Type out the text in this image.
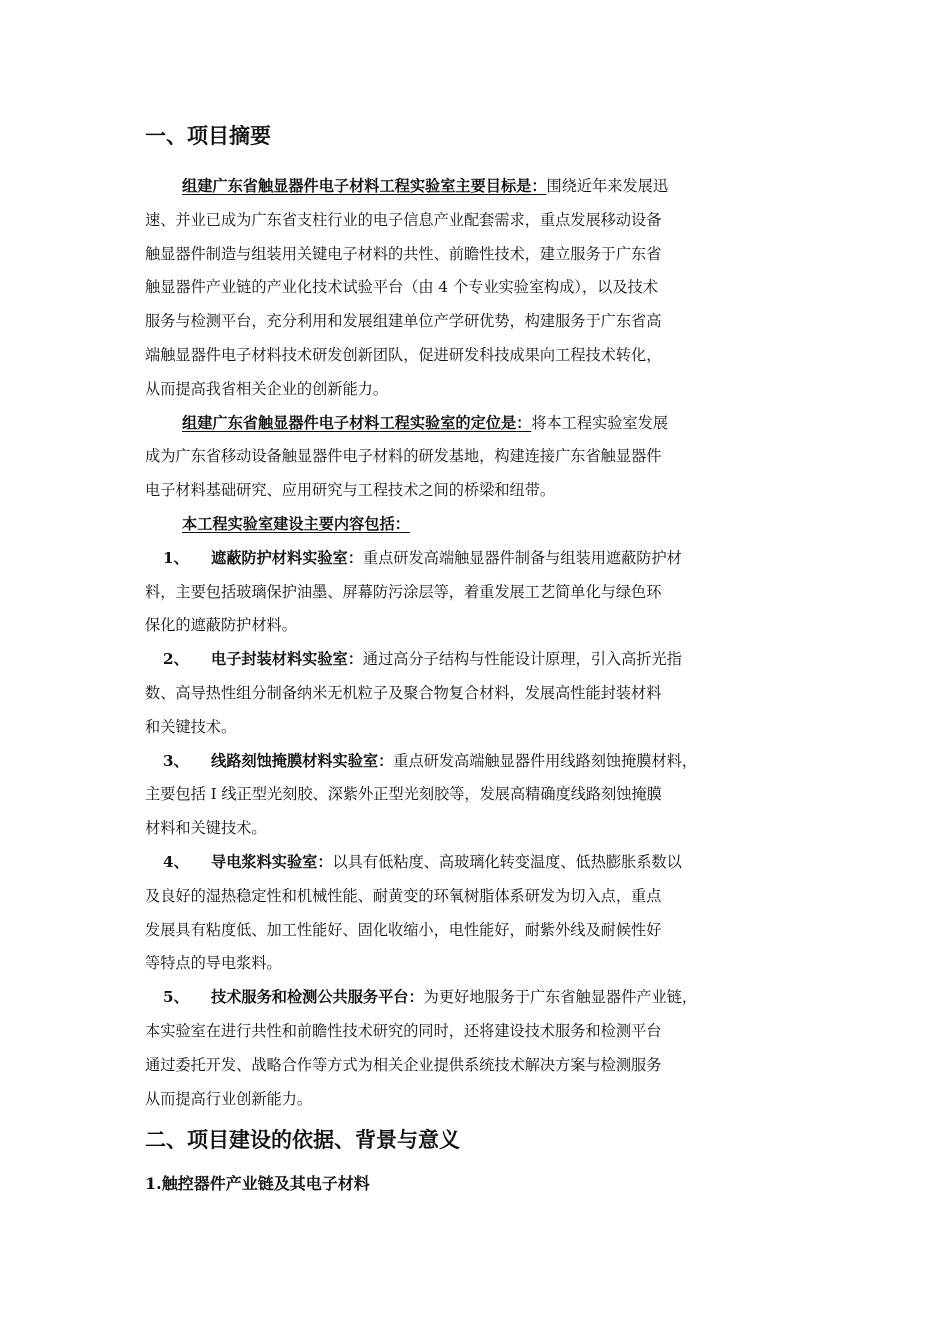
一、项目摘要

组建广东省触显器件电子材料工程实验室主要目标是：围绕近年来发展迅

速、并业已成为广东省支柱行业的电子信息产业配套需求，重点发展移动设备

触显器件制造与组装用关键电子材料的共性、前瞻性技术，建立服务于广东省

触显器件产业链的产业化技术试验平台（由 4 个专业实验室构成），以及技术

服务与检测平台，充分利用和发展组建单位产学研优势，构建服务于广东省高

端触显器件电子材料技术研发创新团队，促进研发科技成果向工程技术转化，

从而提高我省相关企业的创新能力。

组建广东省触显器件电子材料工程实验室的定位是：将本工程实验室发展

成为广东省移动设备触显器件电子材料的研发基地，构建连接广东省触显器件

电子材料基础研究、应用研究与工程技术之间的桥梁和纽带。

本工程实验室建设主要内容包括：

1、 遮蔽防护材料实验室：重点研发高端触显器件制备与组装用遮蔽防护材

料，主要包括玻璃保护油墨、屏幕防污涂层等，着重发展工艺简单化与绿色环

保化的遮蔽防护材料。

2、 电子封装材料实验室：通过高分子结构与性能设计原理，引入高折光指

数、高导热性组分制备纳米无机粒子及聚合物复合材料，发展高性能封装材料

和关键技术。

3、 线路刻蚀掩膜材料实验室：重点研发高端触显器件用线路刻蚀掩膜材料，

主要包括 I 线正型光刻胶、深紫外正型光刻胶等，发展高精确度线路刻蚀掩膜

材料和关键技术。

4、 导电浆料实验室：以具有低粘度、高玻璃化转变温度、低热膨胀系数以

及良好的湿热稳定性和机械性能、耐黄变的环氧树脂体系研发为切入点，重点

发展具有粘度低、加工性能好、固化收缩小，电性能好，耐紫外线及耐候性好

等特点的导电浆料。

5、 技术服务和检测公共服务平台：为更好地服务于广东省触显器件产业链，

本实验室在进行共性和前瞻性技术研究的同时，还将建设技术服务和检测平台

通过委托开发、战略合作等方式为相关企业提供系统技术解决方案与检测服务

从而提高行业创新能力。

二、项目建设的依据、背景与意义
1.触控器件产业链及其电子材料
